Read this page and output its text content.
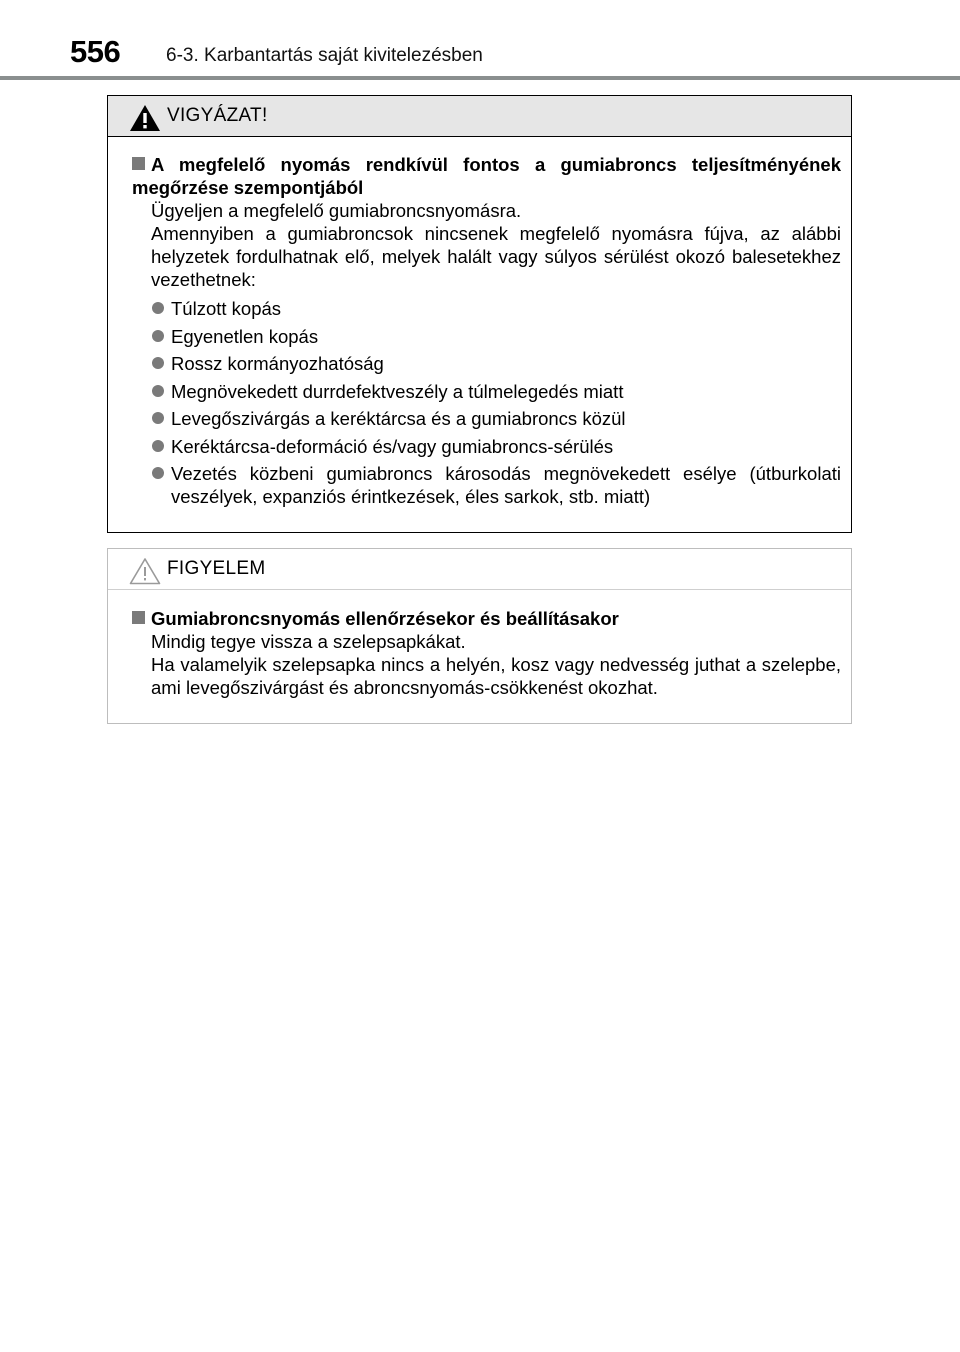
556 6-3. Karbantartás saját kivitelezésben
VIGYÁZAT!
A megfelelő nyomás rendkívül fontos a gumiabroncs teljesítményének megőrzése szempontjából
Ügyeljen a megfelelő gumiabroncsnyomásra.
Amennyiben a gumiabroncsok nincsenek megfelelő nyomásra fújva, az alábbi helyzetek fordulhatnak elő, melyek halált vagy súlyos sérülést okozó balesetekhez vezethetnek:
Túlzott kopás
Egyenetlen kopás
Rossz kormányozhatóság
Megnövekedett durrdefektveszély a túlmelegedés miatt
Levegőszivárgás a keréktárcsa és a gumiabroncs közül
Keréktárcsa-deformáció és/vagy gumiabroncs-sérülés
Vezetés közbeni gumiabroncs károsodás megnövekedett esélye (útburkolati veszélyek, expanziós érintkezések, éles sarkok, stb. miatt)
FIGYELEM
Gumiabroncsnyomás ellenőrzésekor és beállításakor
Mindig tegye vissza a szelepsapkákat.
Ha valamelyik szelepsapka nincs a helyén, kosz vagy nedvesség juthat a szelepbe, ami levegőszivárgást és abroncsnyomás-csökkenést okozhat.
